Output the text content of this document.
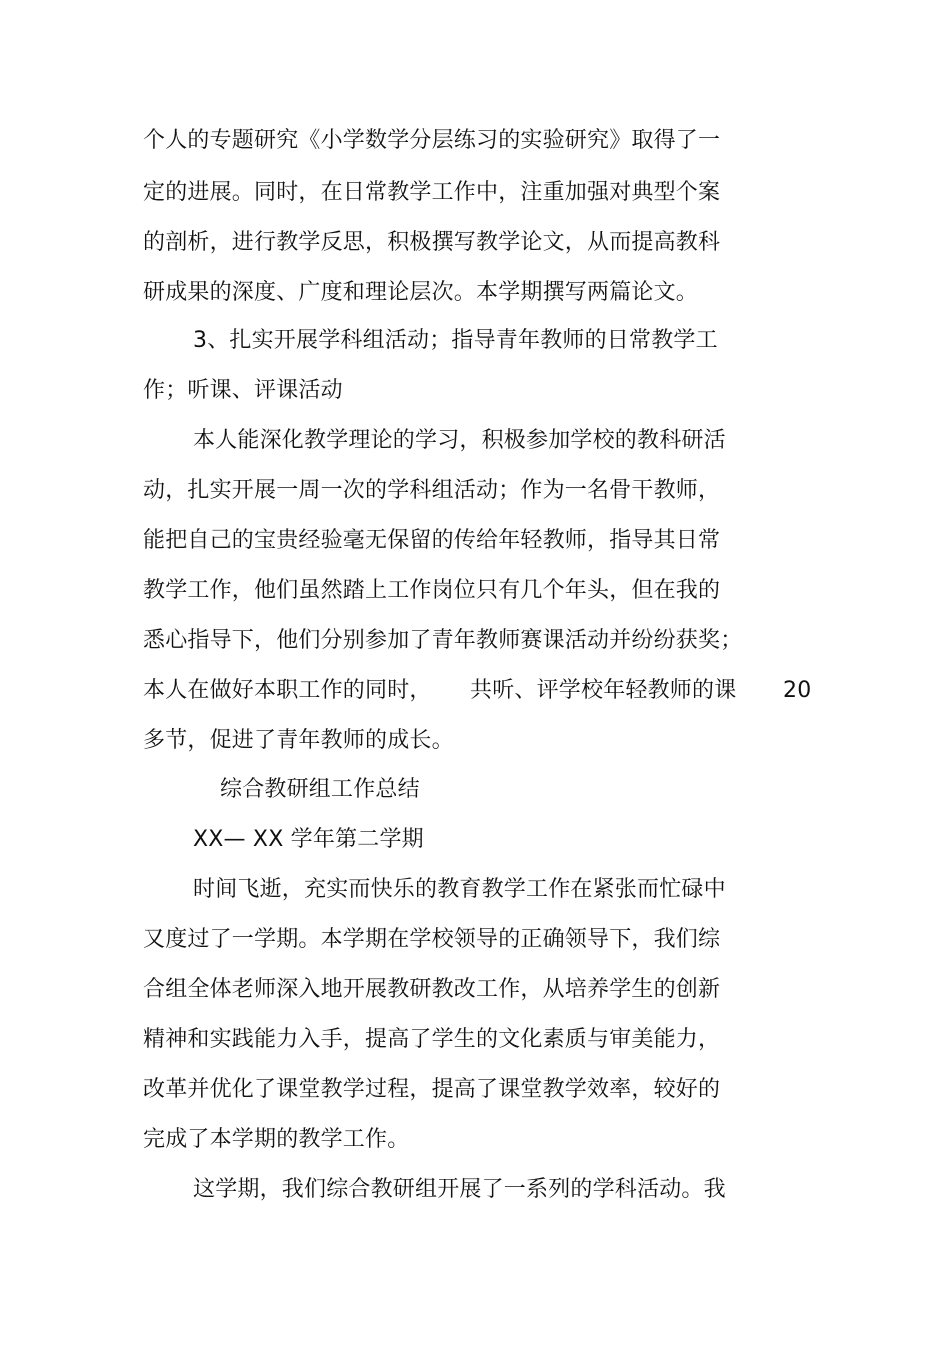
个人的专题研究《小学数学分层练习的实验研究》取得了一
定的进展。同时，在日常教学工作中，注重加强对典型个案
的剖析，进行教学反思，积极撰写教学论文，从而提高教科
研成果的深度、广度和理论层次。本学期撰写两篇论文。
3、扎实开展学科组活动；指导青年教师的日常教学工
作；听课、评课活动
本人能深化教学理论的学习，积极参加学校的教科研活
动，扎实开展一周一次的学科组活动；作为一名骨干教师，
能把自己的宝贵经验毫无保留的传给年轻教师，指导其日常
教学工作，他们虽然踏上工作岗位只有几个年头，但在我的
悉心指导下，他们分别参加了青年教师赛课活动并纷纷获奖；
本人在做好本职工作的同时， 共听、评学校年轻教师的课 20
多节，促进了青年教师的成长。
综合教研组工作总结
XX— XX 学年第二学期
时间飞逝，充实而快乐的教育教学工作在紧张而忙碌中
又度过了一学期。本学期在学校领导的正确领导下，我们综
合组全体老师深入地开展教研教改工作，从培养学生的创新
精神和实践能力入手，提高了学生的文化素质与审美能力，
改革并优化了课堂教学过程，提高了课堂教学效率，较好的
完成了本学期的教学工作。
这学期，我们综合教研组开展了一系列的学科活动。我
